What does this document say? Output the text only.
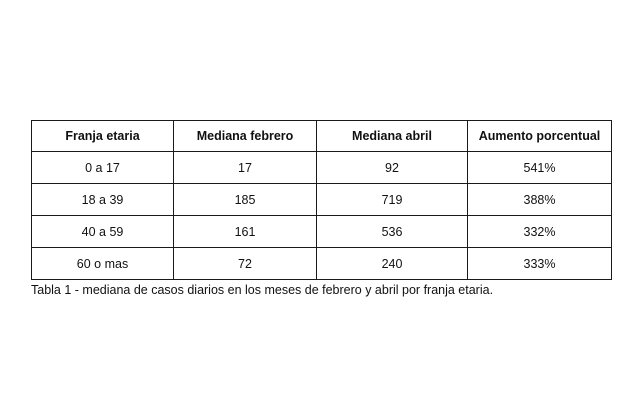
Franja etaria	Mediana febrero	Mediana abril	Aumento porcentual
0 a 17	17	92	541%
18 a 39	185	719	388%
40 a 59	161	536	332%
60 o mas	72	240	333%
Tabla 1 - mediana de casos diarios en los meses de febrero y abril por franja etaria.
